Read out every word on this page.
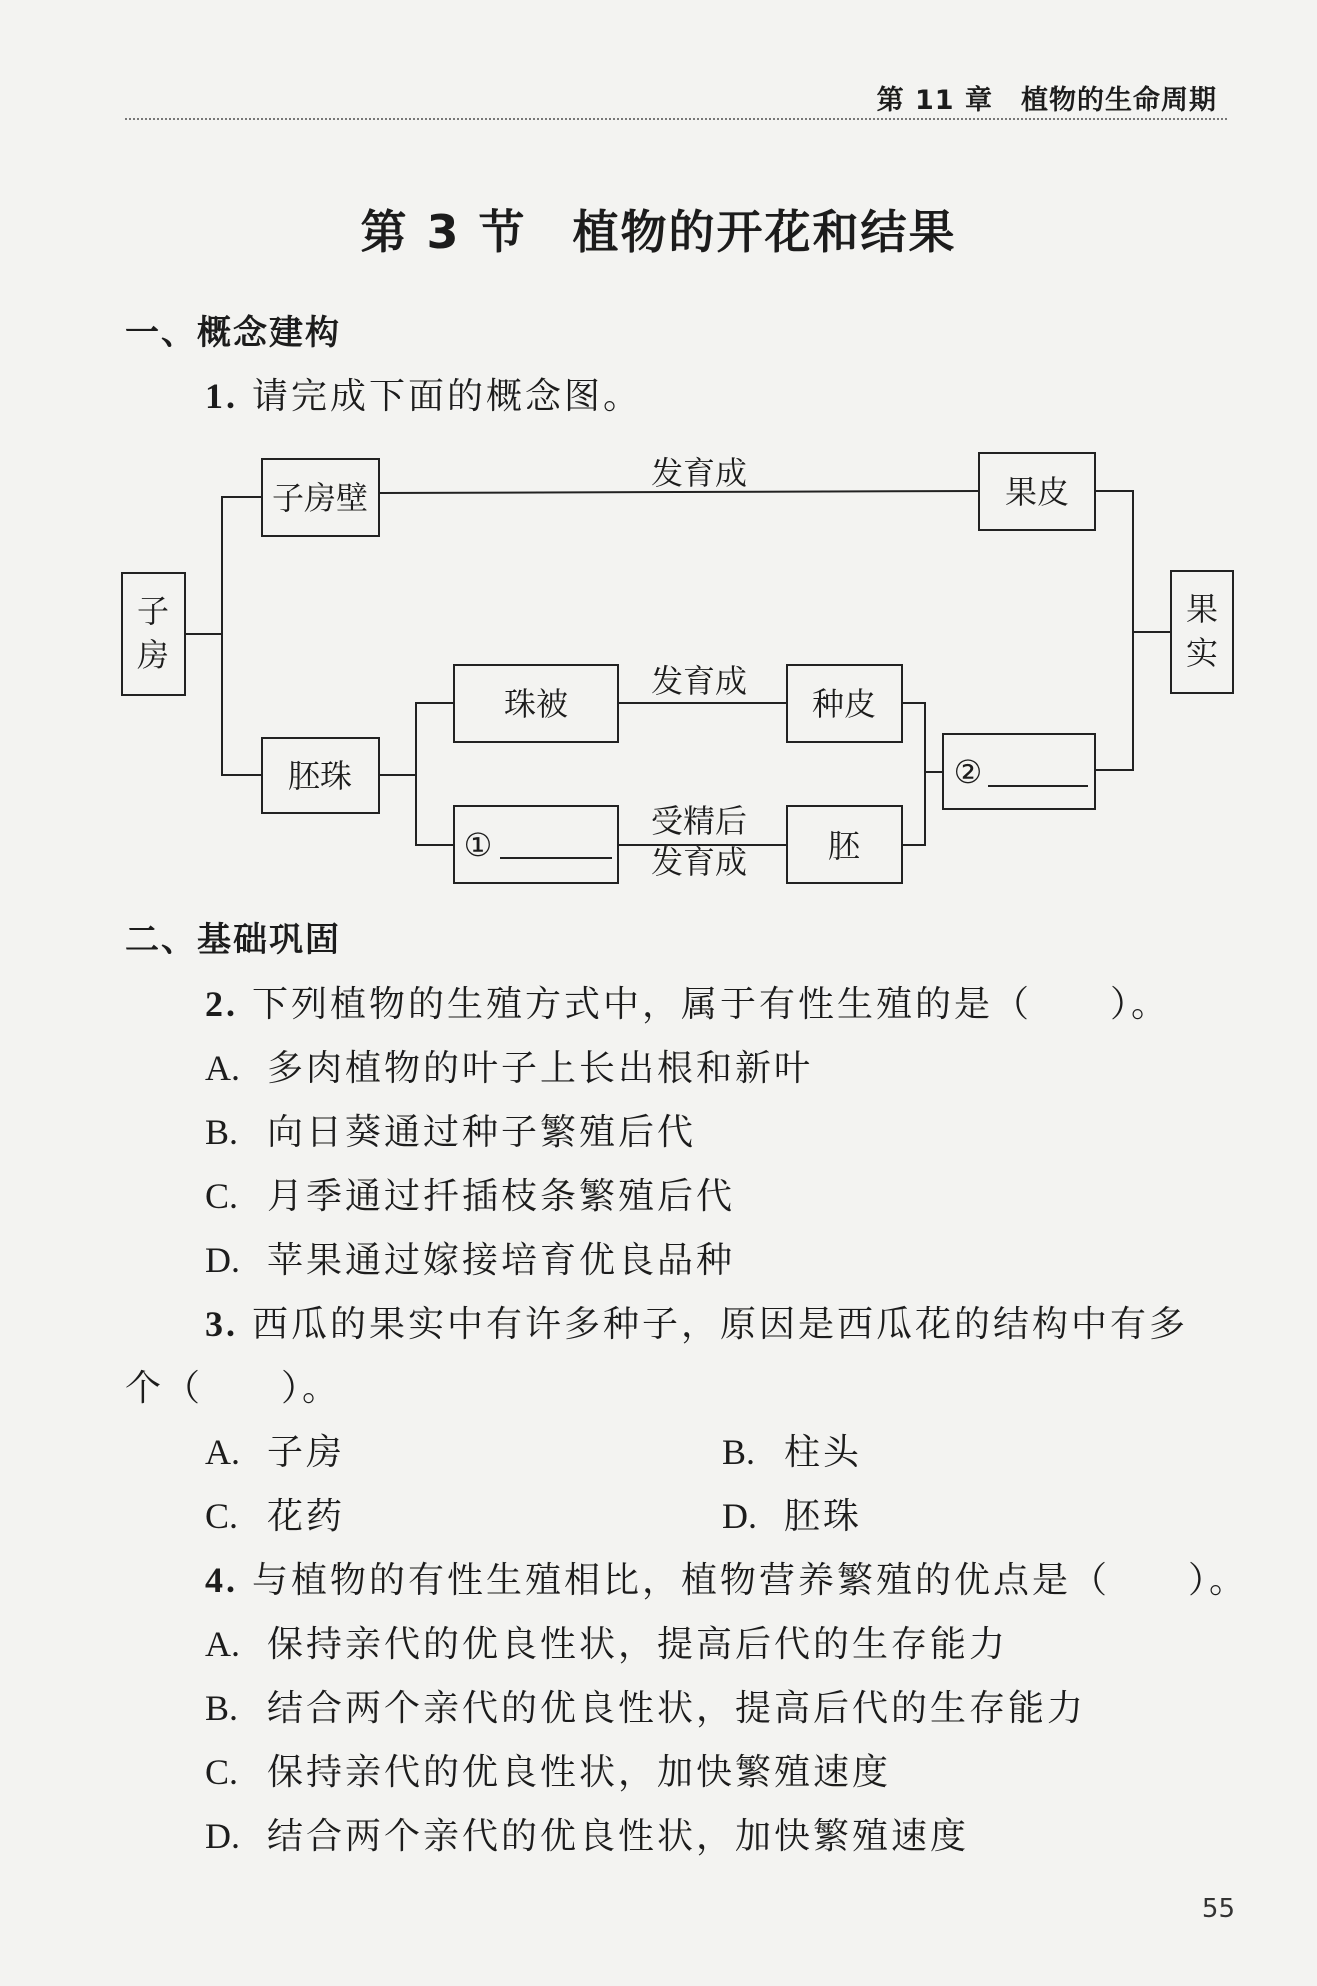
第 11 章 植物的生命周期
第 3 节 植物的开花和结果
一、概念建构
1. 请完成下面的概念图。
子房
子房壁
发育成	果皮
果实
胚珠
珠被
发育成
种皮
受精后
发育成	胚
①
②
二、基础巩固
2. 下列植物的生殖方式中，属于有性生殖的是（ ）。
A. 多肉植物的叶子上长出根和新叶
B. 向日葵通过种子繁殖后代
C. 月季通过扦插枝条繁殖后代
D. 苹果通过嫁接培育优良品种
3. 西瓜的果实中有许多种子，原因是西瓜花的结构中有多
个（ ）。
A. 子房	B. 柱头
C. 花药	D. 胚珠
4. 与植物的有性生殖相比，植物营养繁殖的优点是（ ）。
A. 保持亲代的优良性状，提高后代的生存能力
B. 结合两个亲代的优良性状，提高后代的生存能力
C. 保持亲代的优良性状，加快繁殖速度
D. 结合两个亲代的优良性状，加快繁殖速度
55
